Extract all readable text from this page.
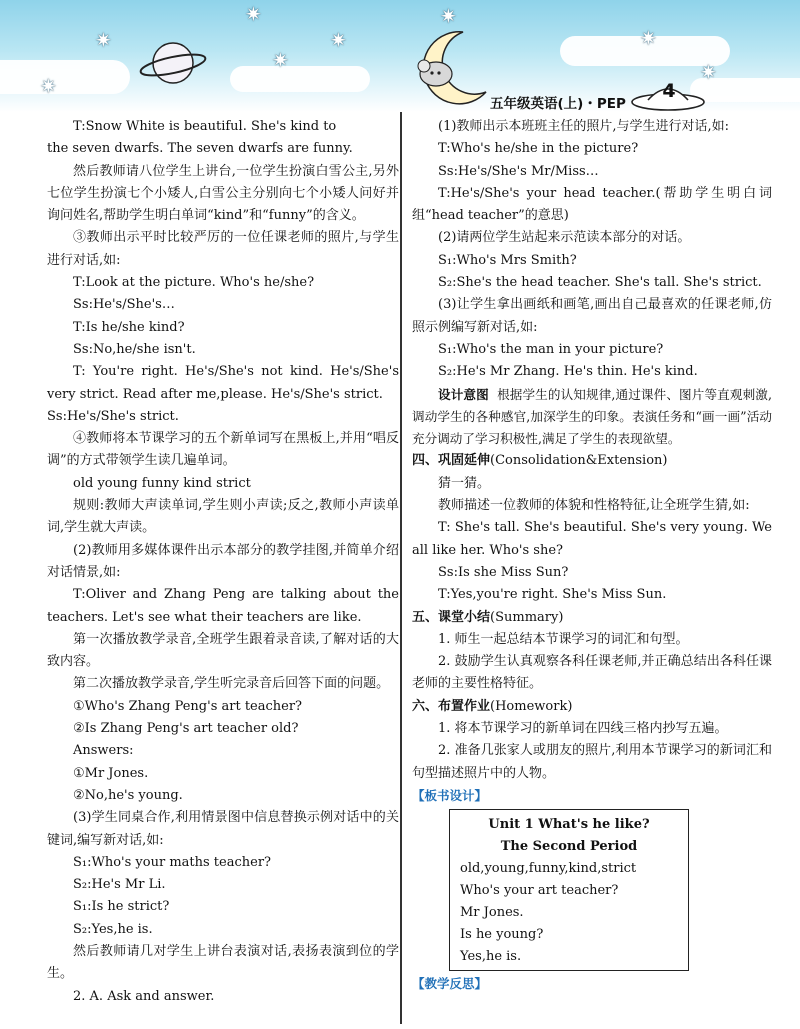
✷
✷
✷
✷
✷
✷
✷
✷
五年级英语(上)・PEP
4

T:Snow White is beautiful. She's kind to

the seven dwarfs. The seven dwarfs are funny.

然后教师请八位学生上讲台,一位学生扮演白雪公主,另外七位学生扮演七个小矮人,白雪公主分别向七个小矮人问好并询问姓名,帮助学生明白单词“kind”和“funny”的含义。

③教师出示平时比较严厉的一位任课老师的照片,与学生进行对话,如:

T:Look at the picture. Who's he/she?

Ss:He's/She's…

T:Is he/she kind?

Ss:No,he/she isn't.

T: You're right. He's/She's not kind. He's/She's very strict. Read after me,please. He's/She's strict.

Ss:He's/She's strict.

④教师将本节课学习的五个新单词写在黑板上,并用“唱反调”的方式带领学生读几遍单词。

old young funny kind strict

规则:教师大声读单词,学生则小声读;反之,教师小声读单词,学生就大声读。

(2)教师用多媒体课件出示本部分的教学挂图,并简单介绍对话情景,如:

T:Oliver and Zhang Peng are talking about the teachers. Let's see what their teachers are like.

第一次播放教学录音,全班学生跟着录音读,了解对话的大致内容。

第二次播放教学录音,学生听完录音后回答下面的问题。

①Who's Zhang Peng's art teacher?

②Is Zhang Peng's art teacher old?

Answers:

①Mr Jones.

②No,he's young.

(3)学生同桌合作,利用情景图中信息替换示例对话中的关键词,编写新对话,如:

S₁:Who's your maths teacher?

S₂:He's Mr Li.

S₁:Is he strict?

S₂:Yes,he is.

然后教师请几对学生上讲台表演对话,表扬表演到位的学生。

2. A. Ask and answer.

(1)教师出示本班班主任的照片,与学生进行对话,如:

T:Who's he/she in the picture?

Ss:He's/She's Mr/Miss…

T:He's/She's your head teacher.(帮助学生明白词组“head teacher”的意思)

(2)请两位学生站起来示范读本部分的对话。

S₁:Who's Mrs Smith?

S₂:She's the head teacher. She's tall. She's strict.

(3)让学生拿出画纸和画笔,画出自己最喜欢的任课老师,仿照示例编写新对话,如:

S₁:Who's the man in your picture?

S₂:He's Mr Zhang. He's thin. He's kind.

设计意图 根据学生的认知规律,通过课件、图片等直观刺激,调动学生的各种感官,加深学生的印象。表演任务和“画一画”活动充分调动了学习积极性,满足了学生的表现欲望。

四、巩固延伸(Consolidation&Extension)

猜一猜。

教师描述一位教师的体貌和性格特征,让全班学生猜,如:

T: She's tall. She's beautiful. She's very young. We all like her. Who's she?

Ss:Is she Miss Sun?

T:Yes,you're right. She's Miss Sun.

五、课堂小结(Summary)

1. 师生一起总结本节课学习的词汇和句型。

2. 鼓励学生认真观察各科任课老师,并正确总结出各科任课老师的主要性格特征。

六、布置作业(Homework)

1. 将本节课学习的新单词在四线三格内抄写五遍。

2. 准备几张家人或朋友的照片,利用本节课学习的新词汇和句型描述照片中的人物。

【板书设计】

Unit 1 What's he like?
The Second Period
old,young,funny,kind,strict
Who's your art teacher?
Mr Jones.
Is he young?
Yes,he is.

【教学反思】
